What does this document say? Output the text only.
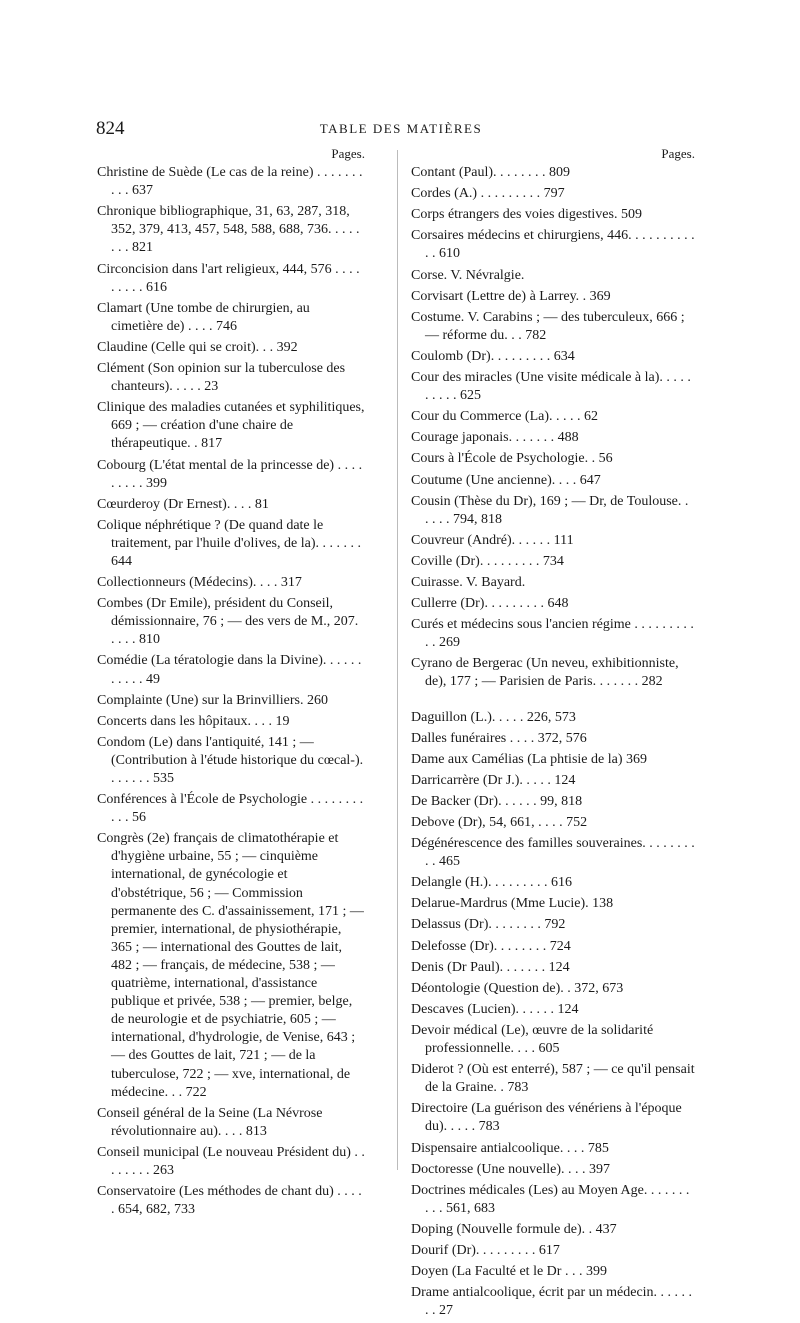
824	TABLE DES MATIÈRES
Pages.
Christine de Suède (Le cas de la reine) . . . . . . . . . . 637
Chronique bibliographique, 31, 63, 287, 318, 352, 379, 413, 457, 548, 588, 688, 736. . . . . . . . 821
Circoncision dans l'art religieux, 444, 576 . . . . . . . . . 616
Clamart (Une tombe de chirurgien, au cimetière de) . . . . 746
Claudine (Celle qui se croit). . . 392
Clément (Son opinion sur la tuberculose des chanteurs). . . . . 23
Clinique des maladies cutanées et syphilitiques, 669 ; — création d'une chaire de thérapeutique. . 817
Cobourg (L'état mental de la princesse de) . . . . . . . . . 399
Cœurderoy (Dr Ernest). . . . 81
Colique néphrétique ? (De quand date le traitement, par l'huile d'olives, de la). . . . . . . 644
Collectionneurs (Médecins). . . . 317
Combes (Dr Emile), président du Conseil, démissionnaire, 76 ; — des vers de M., 207. . . . . 810
Comédie (La tératologie dans la Divine). . . . . . . . . . . 49
Complainte (Une) sur la Brinvilliers. 260
Concerts dans les hôpitaux. . . . 19
Condom (Le) dans l'antiquité, 141 ; — (Contribution à l'étude historique du cœcal-). . . . . . . 535
Conférences à l'École de Psychologie . . . . . . . . . . . 56
Congrès (2e) français de climatothérapie et d'hygiène urbaine, 55 ; — cinquième international, de gynécologie et d'obstétrique, 56 ; — Commission permanente des C. d'assainissement, 171 ; — premier, international, de physiothérapie, 365 ; — international des Gouttes de lait, 482 ; — français, de médecine, 538 ; — quatrième, international, d'assistance publique et privée, 538 ; — premier, belge, de neurologie et de psychiatrie, 605 ; — international, d'hydrologie, de Venise, 643 ; — des Gouttes de lait, 721 ; — de la tuberculose, 722 ; — xve, international, de médecine. . . 722
Conseil général de la Seine (La Névrose révolutionnaire au). . . . 813
Conseil municipal (Le nouveau Président du) . . . . . . . . 263
Conservatoire (Les méthodes de chant du) . . . . . 654, 682, 733
Pages.
Contant (Paul). . . . . . . . 809
Cordes (A.) . . . . . . . . . 797
Corps étrangers des voies digestives. 509
Corsaires médecins et chirurgiens, 446. . . . . . . . . . . . 610
Corse. V. Névralgie.
Corvisart (Lettre de) à Larrey. . 369
Costume. V. Carabins ; — des tuberculeux, 666 ; — réforme du. . . 782
Coulomb (Dr). . . . . . . . . 634
Cour des miracles (Une visite médicale à la). . . . . . . . . . 625
Cour du Commerce (La). . . . . 62
Courage japonais. . . . . . . 488
Cours à l'École de Psychologie. . 56
Coutume (Une ancienne). . . . 647
Cousin (Thèse du Dr), 169 ; — Dr, de Toulouse. . . . . . 794, 818
Couvreur (André). . . . . . 111
Coville (Dr). . . . . . . . . 734
Cuirasse. V. Bayard.
Cullerre (Dr). . . . . . . . . 648
Curés et médecins sous l'ancien régime . . . . . . . . . . . 269
Cyrano de Bergerac (Un neveu, exhibitionniste, de), 177 ; — Parisien de Paris. . . . . . . 282
Daguillon (L.). . . . . 226, 573
Dalles funéraires . . . . 372, 576
Dame aux Camélias (La phtisie de la) 369
Darricarrère (Dr J.). . . . . 124
De Backer (Dr). . . . . . 99, 818
Debove (Dr), 54, 661, . . . . 752
Dégénérescence des familles souveraines. . . . . . . . . . 465
Delangle (H.). . . . . . . . . 616
Delarue-Mardrus (Mme Lucie). 138
Delassus (Dr). . . . . . . . 792
Delefosse (Dr). . . . . . . . 724
Denis (Dr Paul). . . . . . . 124
Déontologie (Question de). . 372, 673
Descaves (Lucien). . . . . . 124
Devoir médical (Le), œuvre de la solidarité professionnelle. . . . 605
Diderot ? (Où est enterré), 587 ; — ce qu'il pensait de la Graine. . 783
Directoire (La guérison des vénériens à l'époque du). . . . . 783
Dispensaire antialcoolique. . . . 785
Doctoresse (Une nouvelle). . . . 397
Doctrines médicales (Les) au Moyen Age. . . . . . . . . . 561, 683
Doping (Nouvelle formule de). . 437
Dourif (Dr). . . . . . . . . 617
Doyen (La Faculté et le Dr . . . 399
Drame antialcoolique, écrit par un médecin. . . . . . . . 27
